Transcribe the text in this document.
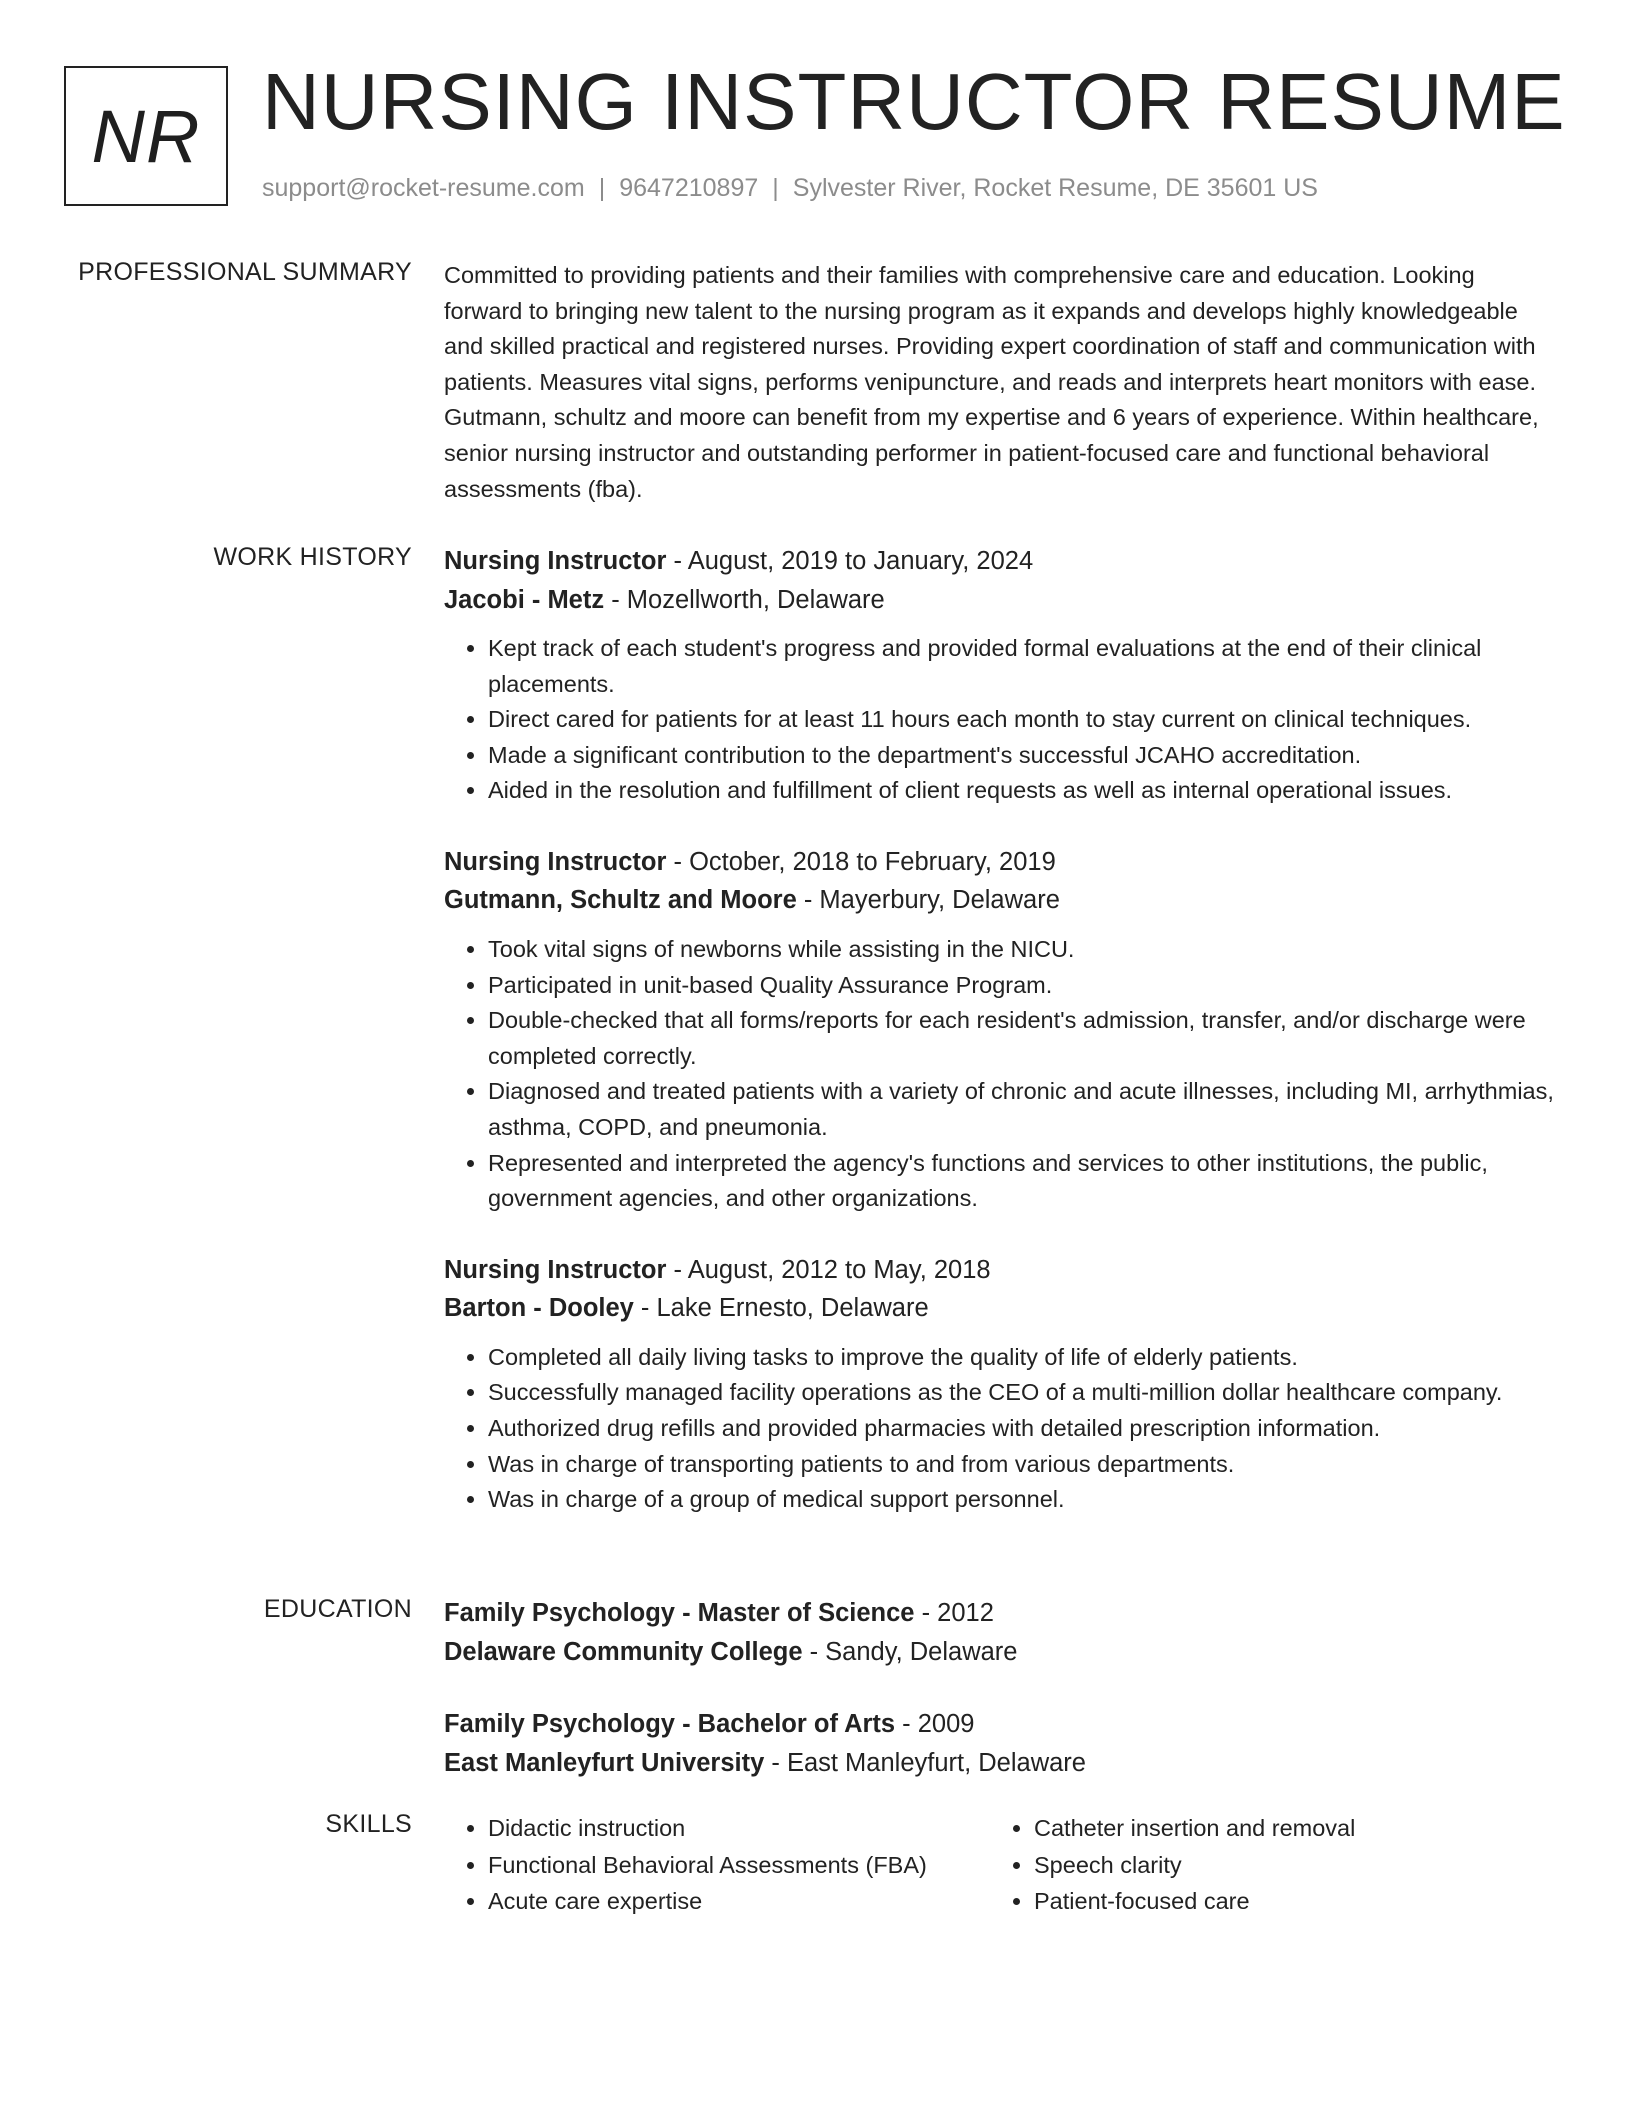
NR NURSING INSTRUCTOR RESUME
support@rocket-resume.com | 9647210897 | Sylvester River, Rocket Resume, DE 35601 US
PROFESSIONAL SUMMARY Committed to providing patients and their families with comprehensive care and education. Looking forward to bringing new talent to the nursing program as it expands and develops highly knowledgeable and skilled practical and registered nurses. Providing expert coordination of staff and communication with patients. Measures vital signs, performs venipuncture, and reads and interprets heart monitors with ease. Gutmann, schultz and moore can benefit from my expertise and 6 years of experience. Within healthcare, senior nursing instructor and outstanding performer in patient-focused care and functional behavioral assessments (fba).

WORK HISTORY Nursing Instructor - August, 2019 to January, 2024
Jacobi - Metz - Mozellworth, Delaware
• Kept track of each student's progress and provided formal evaluations at the end of their clinical placements.
• Direct cared for patients for at least 11 hours each month to stay current on clinical techniques.
• Made a significant contribution to the department's successful JCAHO accreditation.
• Aided in the resolution and fulfillment of client requests as well as internal operational issues.
Nursing Instructor - October, 2018 to February, 2019
Gutmann, Schultz and Moore - Mayerbury, Delaware
• Took vital signs of newborns while assisting in the NICU.
• Participated in unit-based Quality Assurance Program.
• Double-checked that all forms/reports for each resident's admission, transfer, and/or discharge were completed correctly.
• Diagnosed and treated patients with a variety of chronic and acute illnesses, including MI, arrhythmias, asthma, COPD, and pneumonia.
• Represented and interpreted the agency's functions and services to other institutions, the public, government agencies, and other organizations.
Nursing Instructor - August, 2012 to May, 2018
Barton - Dooley - Lake Ernesto, Delaware
• Completed all daily living tasks to improve the quality of life of elderly patients.
• Successfully managed facility operations as the CEO of a multi-million dollar healthcare company.
• Authorized drug refills and provided pharmacies with detailed prescription information.
• Was in charge of transporting patients to and from various departments.
• Was in charge of a group of medical support personnel.
EDUCATION Family Psychology - Master of Science - 2012
Delaware Community College - Sandy, Delaware
Family Psychology - Bachelor of Arts - 2009
East Manleyfurt University - East Manleyfurt, Delaware
SKILLS
•	Didactic instruction
• Functional Behavioral Assessments (FBA)
• Acute care expertise
• Catheter insertion and removal
• Speech clarity
• Patient-focused care
